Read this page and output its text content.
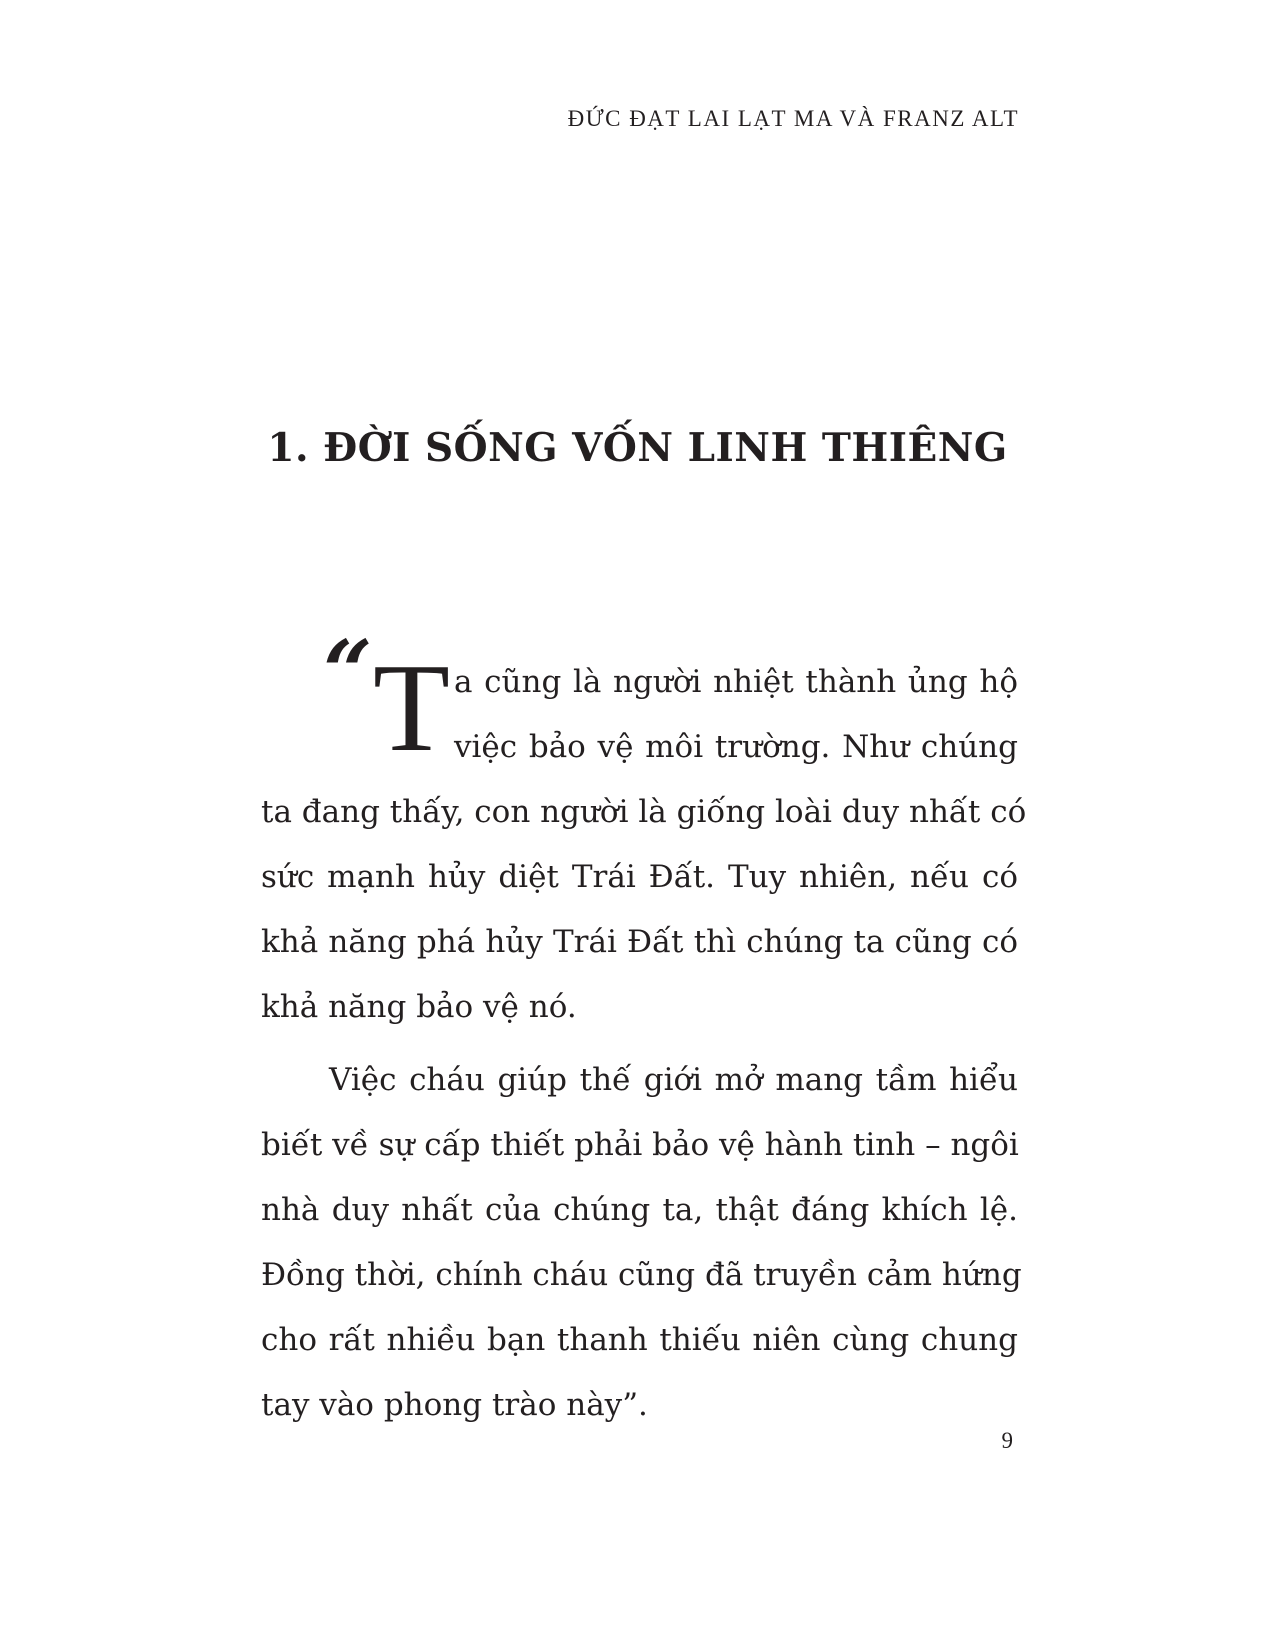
ĐỨC ĐẠT LAI LẠT MA VÀ FRANZ ALT
1. ĐỜI SỐNG VỐN LINH THIÊNG
“ T a cũng là người nhiệt thành ủng hộ
việc bảo vệ môi trường. Như chúng
ta đang thấy, con người là giống loài duy nhất có
sức mạnh hủy diệt Trái Đất. Tuy nhiên, nếu có
khả năng phá hủy Trái Đất thì chúng ta cũng có
khả năng bảo vệ nó.
Việc cháu giúp thế giới mở mang tầm hiểu
biết về sự cấp thiết phải bảo vệ hành tinh – ngôi
nhà duy nhất của chúng ta, thật đáng khích lệ.
Đồng thời, chính cháu cũng đã truyền cảm hứng
cho rất nhiều bạn thanh thiếu niên cùng chung
tay vào phong trào này”.
9
